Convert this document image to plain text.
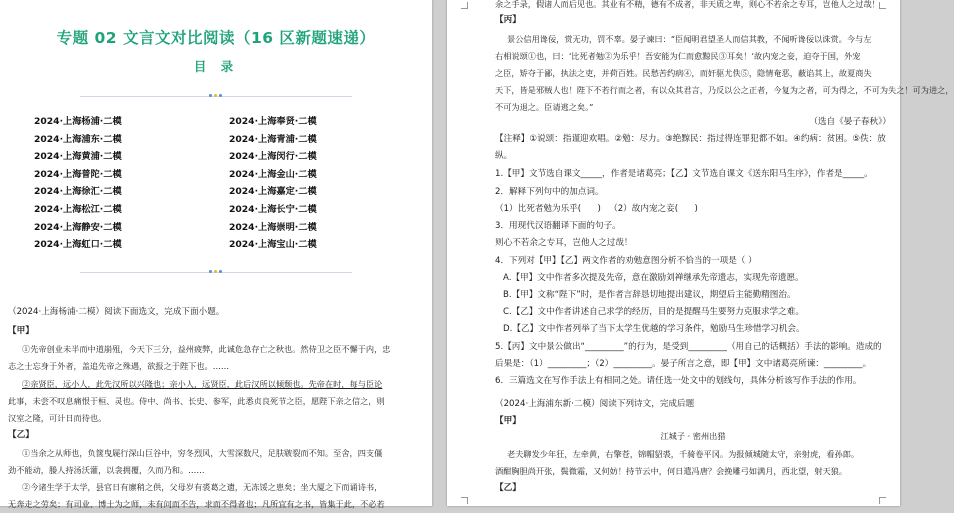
专题 02 文言文对比阅读（16 区新题速递）
目 录
2024·上海杨浦·二模
2024·上海浦东·二模
2024·上海黄浦·二模
2024·上海普陀·二模
2024·上海徐汇·二模
2024·上海松江·二模
2024·上海静安·二模
2024·上海虹口·二模
2024·上海奉贤·二模
2024·上海青浦·二模
2024·上海闵行·二模
2024·上海金山·二模
2024·上海嘉定·二模
2024·上海长宁·二模
2024·上海崇明·二模
2024·上海宝山·二模
（2024·上海杨浦·二模）阅读下面选文，完成下面小题。
【甲】
①先帝创业未半而中道崩殂，今天下三分，益州疲弊，此诚危急存亡之秋也。然侍卫之臣不懈于内，忠
志之士忘身于外者，盖追先帝之殊遇，欲报之于陛下也。……
②亲贤臣，远小人，此先汉所以兴隆也；亲小人，远贤臣，此后汉所以倾颓也。先帝在时，每与臣论
此事，未尝不叹息痛恨于桓、灵也。侍中、尚书、长史、参军，此悉贞良死节之臣，愿陛下亲之信之，则
汉室之隆，可计日而待也。
【乙】
①当余之从师也，负箧曳屣行深山巨谷中，穷冬烈风，大雪深数尺，足肤皲裂而不知。至舍，四支僵
劲不能动，媵人持汤沃灌，以衾拥覆，久而乃和。……
②今诸生学于太学，县官日有廪稍之供，父母岁有裘葛之遗，无冻馁之患矣；坐大厦之下而诵诗书，
无奔走之劳矣；有司业、博士为之师，未有问而不告，求而不得者也；凡所宜有之书，皆集于此，不必若
余之手录，假诸人而后见也。其业有不精，德有不成者，非天质之卑，则心不若余之专耳，岂他人之过哉！
【丙】
景公信用谗佞，赏无功，罚不辜。晏子谏曰：“臣闻明君望圣人而信其教，不闻听谗佞以诛赏。今与左
右相说颂①也，曰：‘比死者勉②为乐乎！吾安能为仁而愈黥民③耳矣！’故内宠之妾，迫夺于国，外宠
之臣，矫夺于鄙，执法之吏，并荷百姓。民愁苦约病④，而奸驱尤佚⑤，隐情奄恶，蔽谄其上，故夏商失
天下，皆是邪贼人也！陛下不若行而之者，有以众其君言，乃反以公之正者，今复为之者，可为得之，不可为失之！可为进之，
不可为退之。臣请逃之矣。”
（选自《晏子春秋》）
【注释】①说颂：指谨迎欢唱。②勉：尽力。③绝黥民：指过得连罪犯都不如。④约病：贫困。⑤佚：放
纵。
1.【甲】文节选自课文_____，作者是诸葛亮；【乙】文节选自课文《送东阳马生序》，作者是_____。
2．解释下列句中的加点词。
（1）比死者勉为乐乎(      )   （2）故内宠之妾(      )
3．用现代汉语翻译下面的句子。
则心不若余之专耳，岂他人之过哉！
4．下列对【甲】【乙】两文作者的劝勉意图分析不恰当的一项是（ ）
A.【甲】文中作者多次提及先帝，意在激励刘禅继承先帝遗志，实现先帝遗愿。
B.【甲】文称“陛下”时，是作者言辞恳切地提出建议，期望后主能勤精图治。
C.【乙】文中作者讲述自己求学的经历，目的是提醒马生要努力克服求学之难。
D.【乙】文中作者列举了当下太学生优越的学习条件，勉励马生珍惜学习机会。
5.【丙】文中景公做出“_________”的行为，是受到_________（用自己的话概括）手法的影响。造成的
后果是：（1）_________；（2）_________。晏子所言之意，即【甲】文中诸葛亮所谏：_________。
6．三篇选文在写作手法上有相同之处。请任选一处文中的划线句，具体分析该写作手法的作用。
（2024·上海浦东新·二模）阅读下列诗文，完成后题
【甲】
江城子 · 密州出猎
老夫聊发少年狂，左牵黄，右擎苍，锦帽貂裘，千骑卷平冈。为报倾城随太守，亲射虎，看孙郎。
酒酣胸胆尚开张，鬓微霜，又何妨！持节云中，何日遣冯唐？会挽雕弓如满月，西北望，射天狼。
【乙】
